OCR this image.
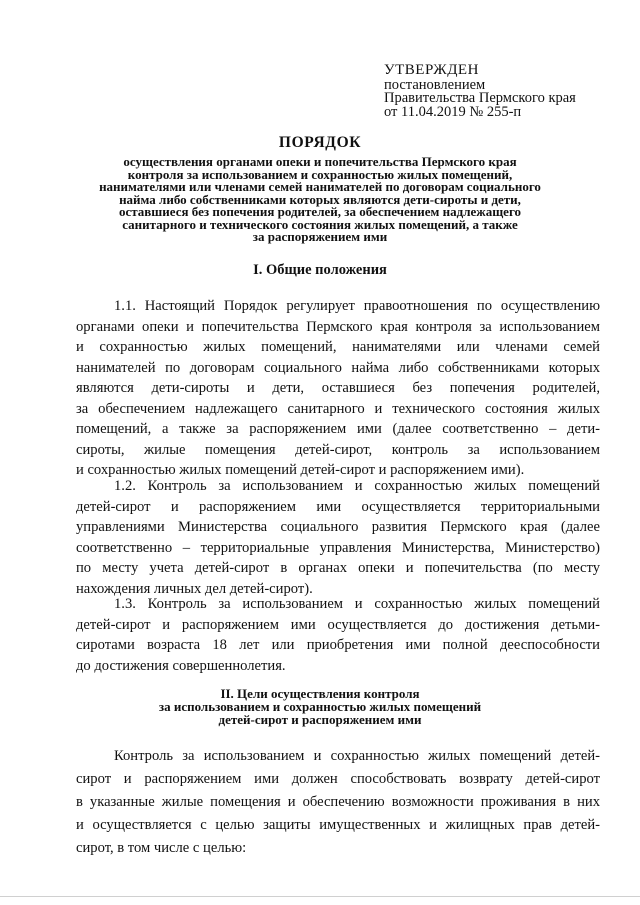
УТВЕРЖДЕН
постановлением
Правительства Пермского края
от 11.04.2019 № 255-п
ПОРЯДОК
осуществления органами опеки и попечительства Пермского края
контроля за использованием и сохранностью жилых помещений,
нанимателями или членами семей нанимателей по договорам социального
найма либо собственниками которых являются дети-сироты и дети,
оставшиеся без попечения родителей, за обеспечением надлежащего
санитарного и технического состояния жилых помещений, а также
за распоряжением ими
I. Общие положения
1.1. Настоящий Порядок регулирует правоотношения по осуществлению
органами опеки и попечительства Пермского края контроля за использованием
и сохранностью жилых помещений, нанимателями или членами семей
нанимателей по договорам социального найма либо собственниками которых
являются дети-сироты и дети, оставшиеся без попечения родителей,
за обеспечением надлежащего санитарного и технического состояния жилых
помещений, а также за распоряжением ими (далее соответственно – дети-
сироты, жилые помещения детей-сирот, контроль за использованием
и сохранностью жилых помещений детей-сирот и распоряжением ими).
1.2. Контроль за использованием и сохранностью жилых помещений
детей-сирот и распоряжением ими осуществляется территориальными
управлениями Министерства социального развития Пермского края (далее
соответственно – территориальные управления Министерства, Министерство)
по месту учета детей-сирот в органах опеки и попечительства (по месту
нахождения личных дел детей-сирот).
1.3. Контроль за использованием и сохранностью жилых помещений
детей-сирот и распоряжением ими осуществляется до достижения детьми-
сиротами возраста 18 лет или приобретения ими полной дееспособности
до достижения совершеннолетия.
II. Цели осуществления контроля
за использованием и сохранностью жилых помещений
детей-сирот и распоряжением ими
Контроль за использованием и сохранностью жилых помещений детей-
сирот и распоряжением ими должен способствовать возврату детей-сирот
в указанные жилые помещения и обеспечению возможности проживания в них
и осуществляется с целью защиты имущественных и жилищных прав детей-
сирот, в том числе с целью:
